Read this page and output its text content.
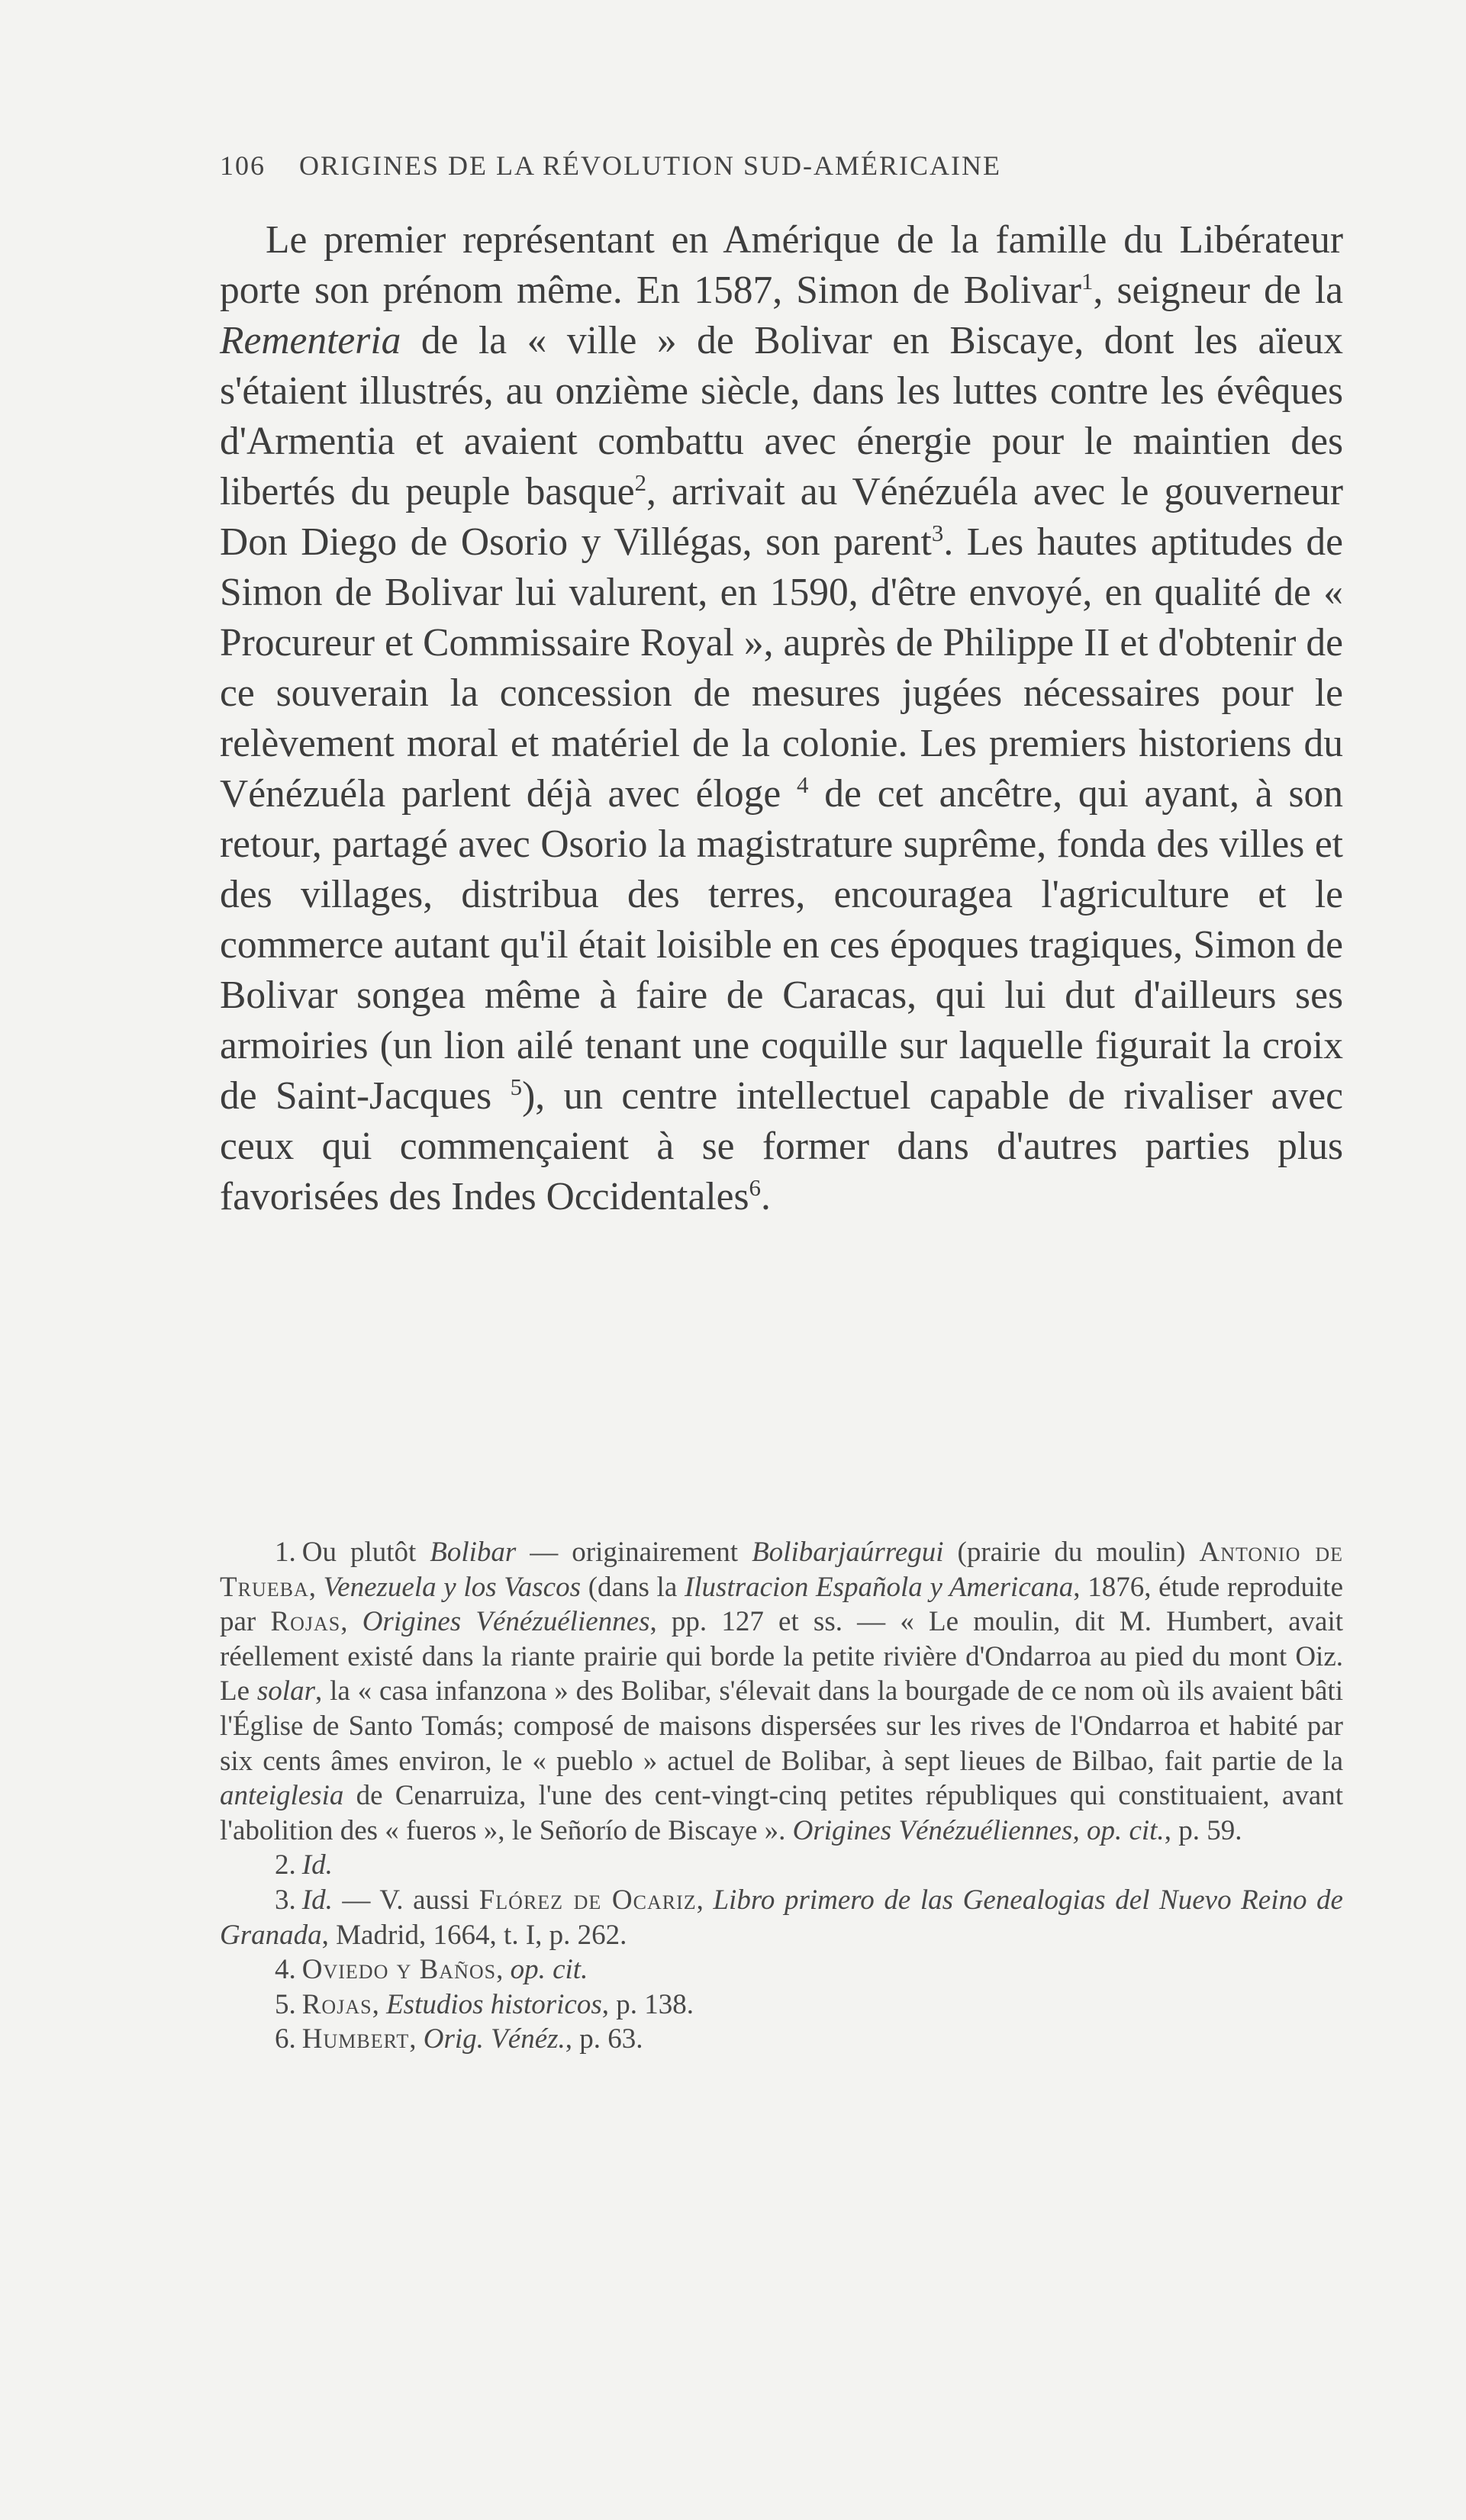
106 ORIGINES DE LA RÉVOLUTION SUD-AMÉRICAINE

Le premier représentant en Amérique de la famille du Libérateur porte son prénom même. En 1587, Simon de Bolivar$^1$, seigneur de la Rementeria de la « ville » de Bolivar en Biscaye, dont les aïeux s'étaient illustrés, au onzième siècle, dans les luttes contre les évêques d'Armentia et avaient combattu avec énergie pour le maintien des libertés du peuple basque$^2$, arrivait au Vénézuéla avec le gouverneur Don Diego de Osorio y Villégas, son parent$^3$. Les hautes aptitudes de Simon de Bolivar lui valurent, en 1590, d'être envoyé, en qualité de « Procureur et Commissaire Royal », auprès de Philippe II et d'obtenir de ce souverain la concession de mesures jugées nécessaires pour le relèvement moral et matériel de la colonie. Les premiers historiens du Vénézuéla parlent déjà avec éloge $^4$ de cet ancêtre, qui ayant, à son retour, partagé avec Osorio la magistrature suprême, fonda des villes et des villages, distribua des terres, encouragea l'agriculture et le commerce autant qu'il était loisible en ces époques tragiques, Simon de Bolivar songea même à faire de Caracas, qui lui dut d'ailleurs ses armoiries (un lion ailé tenant une coquille sur laquelle figurait la croix de Saint-Jacques $^5$), un centre intellectuel capable de rivaliser avec ceux qui commençaient à se former dans d'autres parties plus favorisées des Indes Occidentales$^6$.

1. Ou plutôt Bolibar — originairement Bolibarjaúrregui (prairie du moulin) Antonio de Trueba, Venezuela y los Vascos (dans la Ilustracion Española y Americana, 1876, étude reproduite par Rojas, Origines Vénézuéliennes, pp. 127 et ss. — « Le moulin, dit M. Humbert, avait réellement existé dans la riante prairie qui borde la petite rivière d'Ondarroa au pied du mont Oiz. Le solar, la « casa infanzona » des Bolibar, s'élevait dans la bourgade de ce nom où ils avaient bâti l'Église de Santo Tomás; composé de maisons dispersées sur les rives de l'Ondarroa et habité par six cents âmes environ, le « pueblo » actuel de Bolibar, à sept lieues de Bilbao, fait partie de la anteiglesia de Cenarruiza, l'une des cent-vingt-cinq petites républiques qui constituaient, avant l'abolition des « fueros », le Señorío de Biscaye ». Origines Vénézuéliennes, op. cit., p. 59.

2. Id.

3. Id. — V. aussi Flórez de Ocariz, Libro primero de las Genealogias del Nuevo Reino de Granada, Madrid, 1664, t. I, p. 262.

4. Oviedo y Baños, op. cit.

5. Rojas, Estudios historicos, p. 138.

6. Humbert, Orig. Vénéz., p. 63.
